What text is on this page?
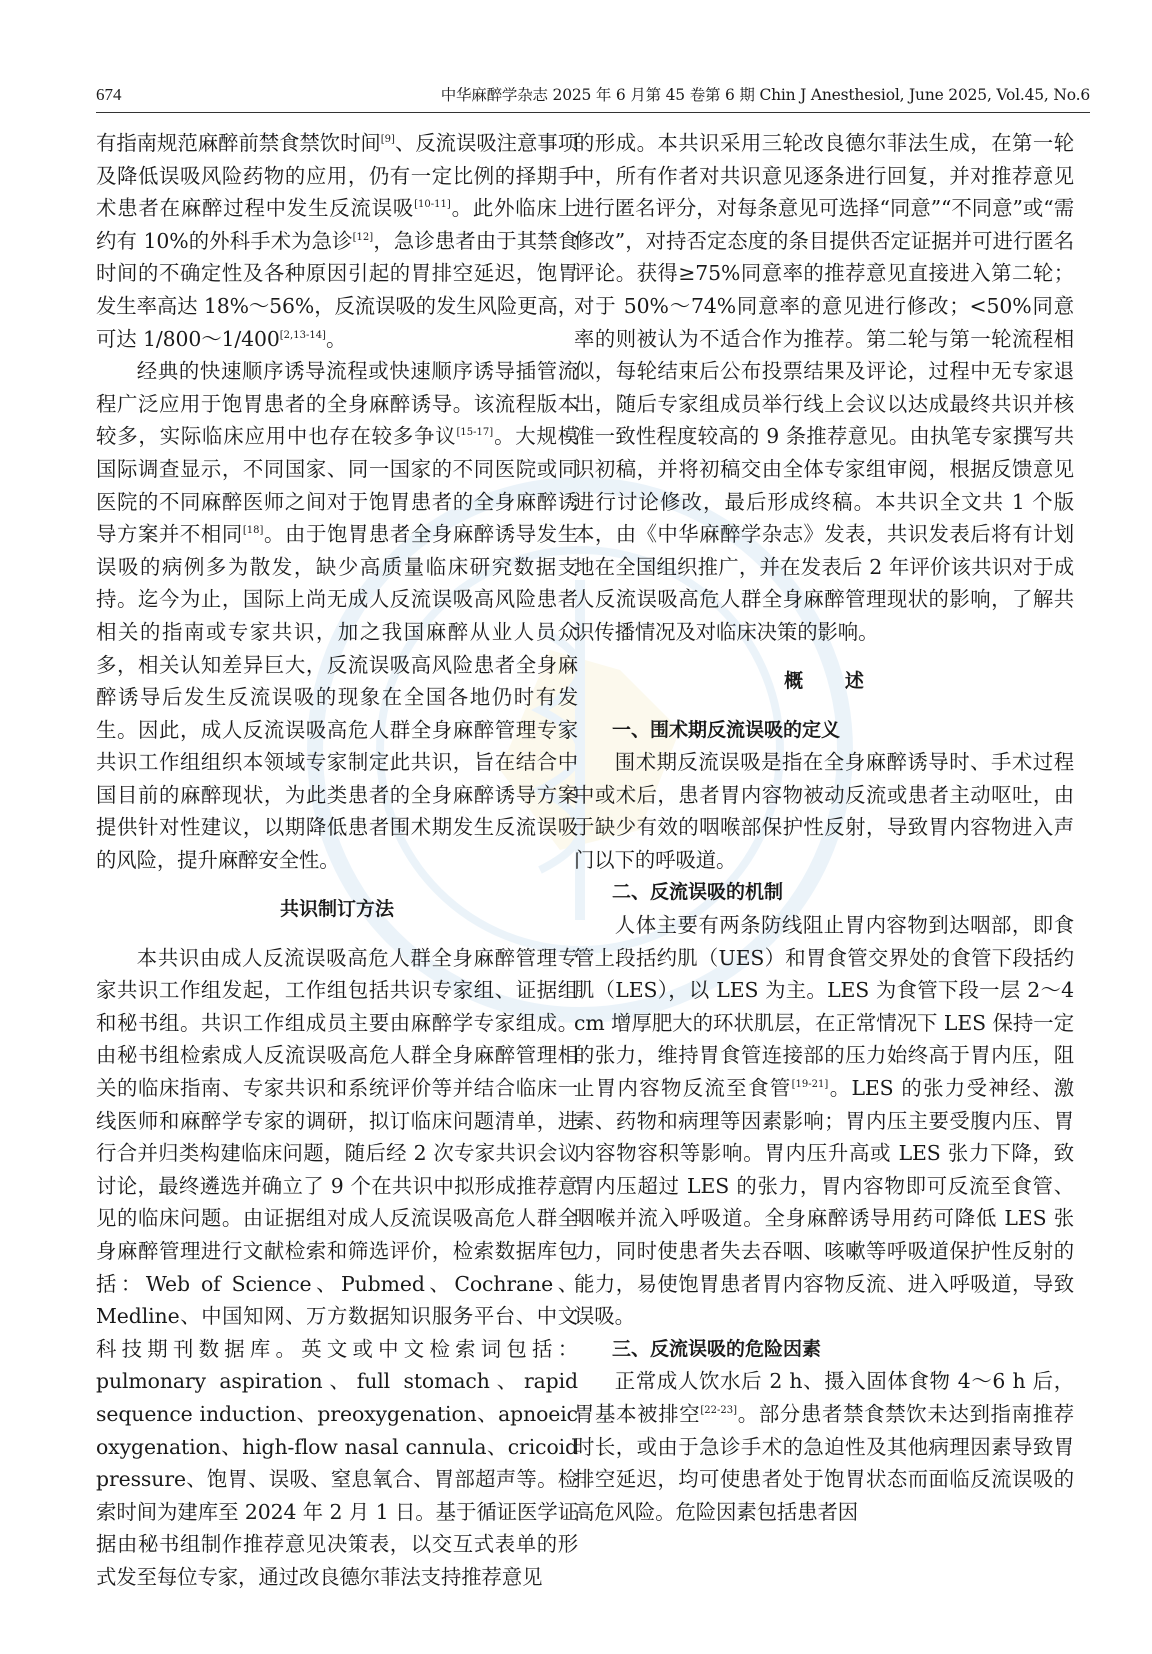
674	中华麻醉学杂志 2025 年 6 月第 45 卷第 6 期 Chin J Anesthesiol, June 2025, Vol.45, No.6

有指南规范麻醉前禁食禁饮时间[9]、反流误吸注意事项及降低误吸风险药物的应用，仍有一定比例的择期手术患者在麻醉过程中发生反流误吸[10-11]。此外临床上约有 10%的外科手术为急诊[12]，急诊患者由于其禁食时间的不确定性及各种原因引起的胃排空延迟，饱胃发生率高达 18%～56%，反流误吸的发生风险更高，可达 1/800～1/400[2,13-14]。

经典的快速顺序诱导流程或快速顺序诱导插管流程广泛应用于饱胃患者的全身麻醉诱导。该流程版本较多，实际临床应用中也存在较多争议[15-17]。大规模国际调查显示，不同国家、同一国家的不同医院或同医院的不同麻醉医师之间对于饱胃患者的全身麻醉诱导方案并不相同[18]。由于饱胃患者全身麻醉诱导发生误吸的病例多为散发，缺少高质量临床研究数据支持。迄今为止，国际上尚无成人反流误吸高风险患者相关的指南或专家共识，加之我国麻醉从业人员众多，相关认知差异巨大，反流误吸高风险患者全身麻醉诱导后发生反流误吸的现象在全国各地仍时有发生。因此，成人反流误吸高危人群全身麻醉管理专家共识工作组组织本领域专家制定此共识，旨在结合中国目前的麻醉现状，为此类患者的全身麻醉诱导方案提供针对性建议，以期降低患者围术期发生反流误吸的风险，提升麻醉安全性。

共识制订方法

本共识由成人反流误吸高危人群全身麻醉管理专家共识工作组发起，工作组包括共识专家组、证据组和秘书组。共识工作组成员主要由麻醉学专家组成。由秘书组检索成人反流误吸高危人群全身麻醉管理相关的临床指南、专家共识和系统评价等并结合临床一线医师和麻醉学专家的调研，拟订临床问题清单，进行合并归类构建临床问题，随后经 2 次专家共识会议讨论，最终遴选并确立了 9 个在共识中拟形成推荐意见的临床问题。由证据组对成人反流误吸高危人群全身麻醉管理进行文献检索和筛选评价，检索数据库包括：Web of Science、Pubmed、Cochrane、Medline、中国知网、万方数据知识服务平台、中文科技期刊数据库。英文或中文检索词包括：pulmonary aspiration、full stomach、rapid sequence induction、preoxygenation、apnoeic oxygenation、high-flow nasal cannula、cricoid pressure、饱胃、误吸、窒息氧合、胃部超声等。检索时间为建库至 2024 年 2 月 1 日。基于循证医学证据由秘书组制作推荐意见决策表，以交互式表单的形式发至每位专家，通过改良德尔菲法支持推荐意见

的形成。本共识采用三轮改良德尔菲法生成，在第一轮中，所有作者对共识意见逐条进行回复，并对推荐意见进行匿名评分，对每条意见可选择“同意”“不同意”或“需修改”，对持否定态度的条目提供否定证据并可进行匿名评论。获得≥75%同意率的推荐意见直接进入第二轮；对于 50%～74%同意率的意见进行修改；<50%同意率的则被认为不适合作为推荐。第二轮与第一轮流程相似，每轮结束后公布投票结果及评论，过程中无专家退出，随后专家组成员举行线上会议以达成最终共识并核准一致性程度较高的 9 条推荐意见。由执笔专家撰写共识初稿，并将初稿交由全体专家组审阅，根据反馈意见进行讨论修改，最后形成终稿。本共识全文共 1 个版本，由《中华麻醉学杂志》发表，共识发表后将有计划地在全国组织推广，并在发表后 2 年评价该共识对于成人反流误吸高危人群全身麻醉管理现状的影响，了解共识传播情况及对临床决策的影响。

概述
一、围术期反流误吸的定义

围术期反流误吸是指在全身麻醉诱导时、手术过程中或术后，患者胃内容物被动反流或患者主动呕吐，由于缺少有效的咽喉部保护性反射，导致胃内容物进入声门以下的呼吸道。

二、反流误吸的机制

人体主要有两条防线阻止胃内容物到达咽部，即食管上段括约肌（UES）和胃食管交界处的食管下段括约肌（LES），以 LES 为主。LES 为食管下段一层 2～4 cm 增厚肥大的环状肌层，在正常情况下 LES 保持一定的张力，维持胃食管连接部的压力始终高于胃内压，阻止胃内容物反流至食管[19-21]。LES 的张力受神经、激素、药物和病理等因素影响；胃内压主要受腹内压、胃内容物容积等影响。胃内压升高或 LES 张力下降，致胃内压超过 LES 的张力，胃内容物即可反流至食管、咽喉并流入呼吸道。全身麻醉诱导用药可降低 LES 张力，同时使患者失去吞咽、咳嗽等呼吸道保护性反射的能力，易使饱胃患者胃内容物反流、进入呼吸道，导致误吸。

三、反流误吸的危险因素

正常成人饮水后 2 h、摄入固体食物 4～6 h 后，胃基本被排空[22-23]。部分患者禁食禁饮未达到指南推荐时长，或由于急诊手术的急迫性及其他病理因素导致胃排空延迟，均可使患者处于饱胃状态而面临反流误吸的高危风险。危险因素包括患者因
